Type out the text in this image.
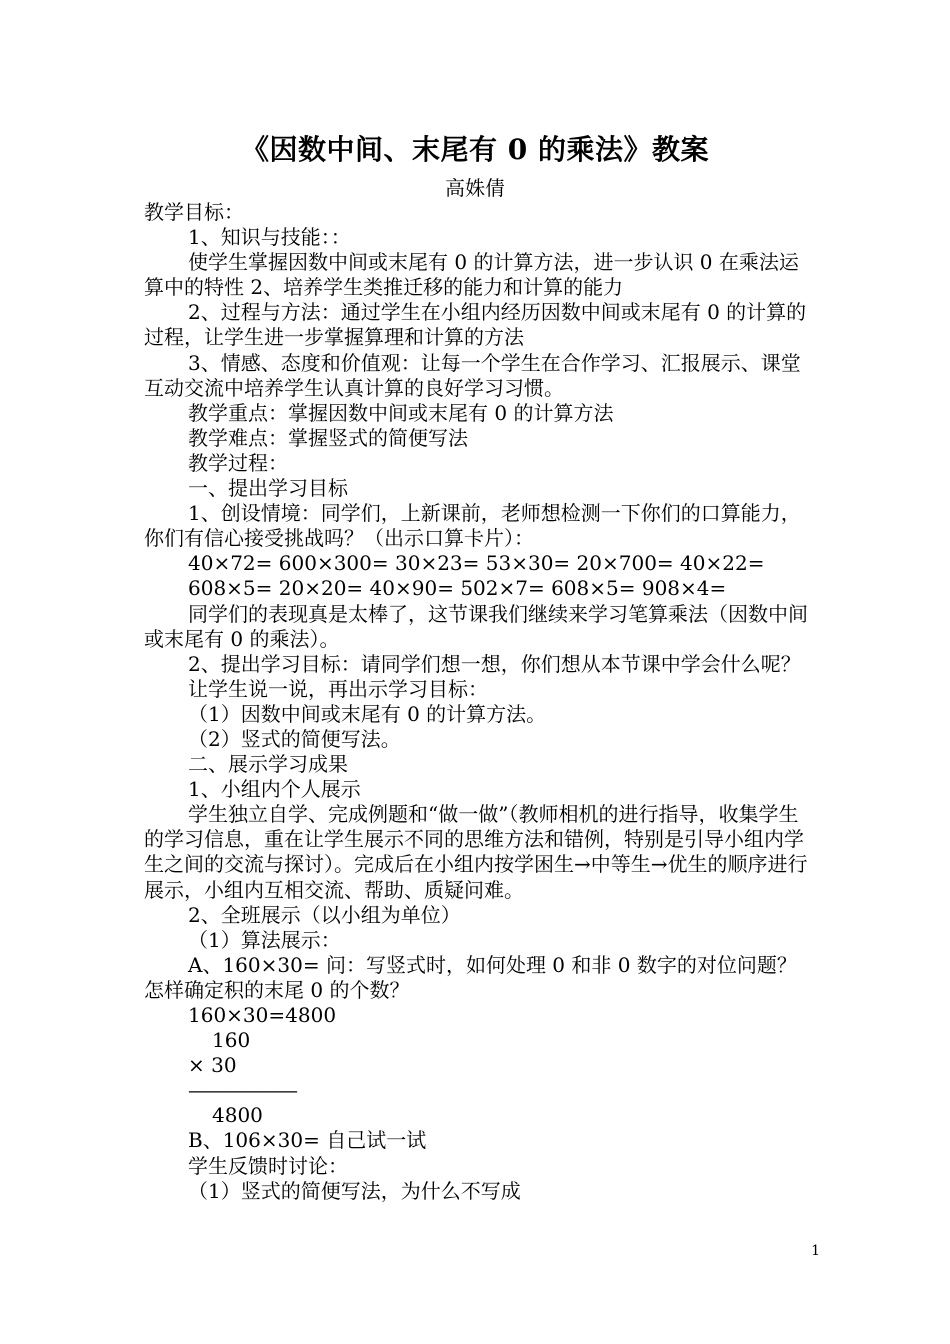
《因数中间、末尾有 0 的乘法》教案
高姝倩

教学目标：

1、知识与技能：：

使学生掌握因数中间或末尾有 0 的计算方法，进一步认识 0 在乘法运算中的特性 2、培养学生类推迁移的能力和计算的能力

2、过程与方法：通过学生在小组内经历因数中间或末尾有 0 的计算的过程，让学生进一步掌握算理和计算的方法

3、情感、态度和价值观：让每一个学生在合作学习、汇报展示、课堂互动交流中培养学生认真计算的良好学习习惯。

教学重点：掌握因数中间或末尾有 0 的计算方法

教学难点：掌握竖式的简便写法

教学过程：

一、提出学习目标

1、创设情境：同学们，上新课前，老师想检测一下你们的口算能力，你们有信心接受挑战吗？（出示口算卡片）：

40×72= 600×300= 30×23= 53×30= 20×700= 40×22=

608×5= 20×20= 40×90= 502×7= 608×5= 908×4=

同学们的表现真是太棒了，这节课我们继续来学习笔算乘法（因数中间或末尾有 0 的乘法）。

2、提出学习目标：请同学们想一想，你们想从本节课中学会什么呢？

让学生说一说，再出示学习目标：

（1）因数中间或末尾有 0 的计算方法。

（2）竖式的简便写法。

二、展示学习成果

1、小组内个人展示

学生独立自学、完成例题和“做一做”（教师相机的进行指导，收集学生的学习信息，重在让学生展示不同的思维方法和错例，特别是引导小组内学生之间的交流与探讨）。完成后在小组内按学困生→中等生→优生的顺序进行展示，小组内互相交流、帮助、质疑问难。

2、全班展示（以小组为单位）

（1）算法展示：

A、160×30= 问：写竖式时，如何处理 0 和非 0 数字的对位问题？怎样确定积的末尾 0 的个数？

160×30=4800

160

× 30

——————

4800

B、106×30= 自己试一试

学生反馈时讨论：

（1）竖式的简便写法，为什么不写成

1
